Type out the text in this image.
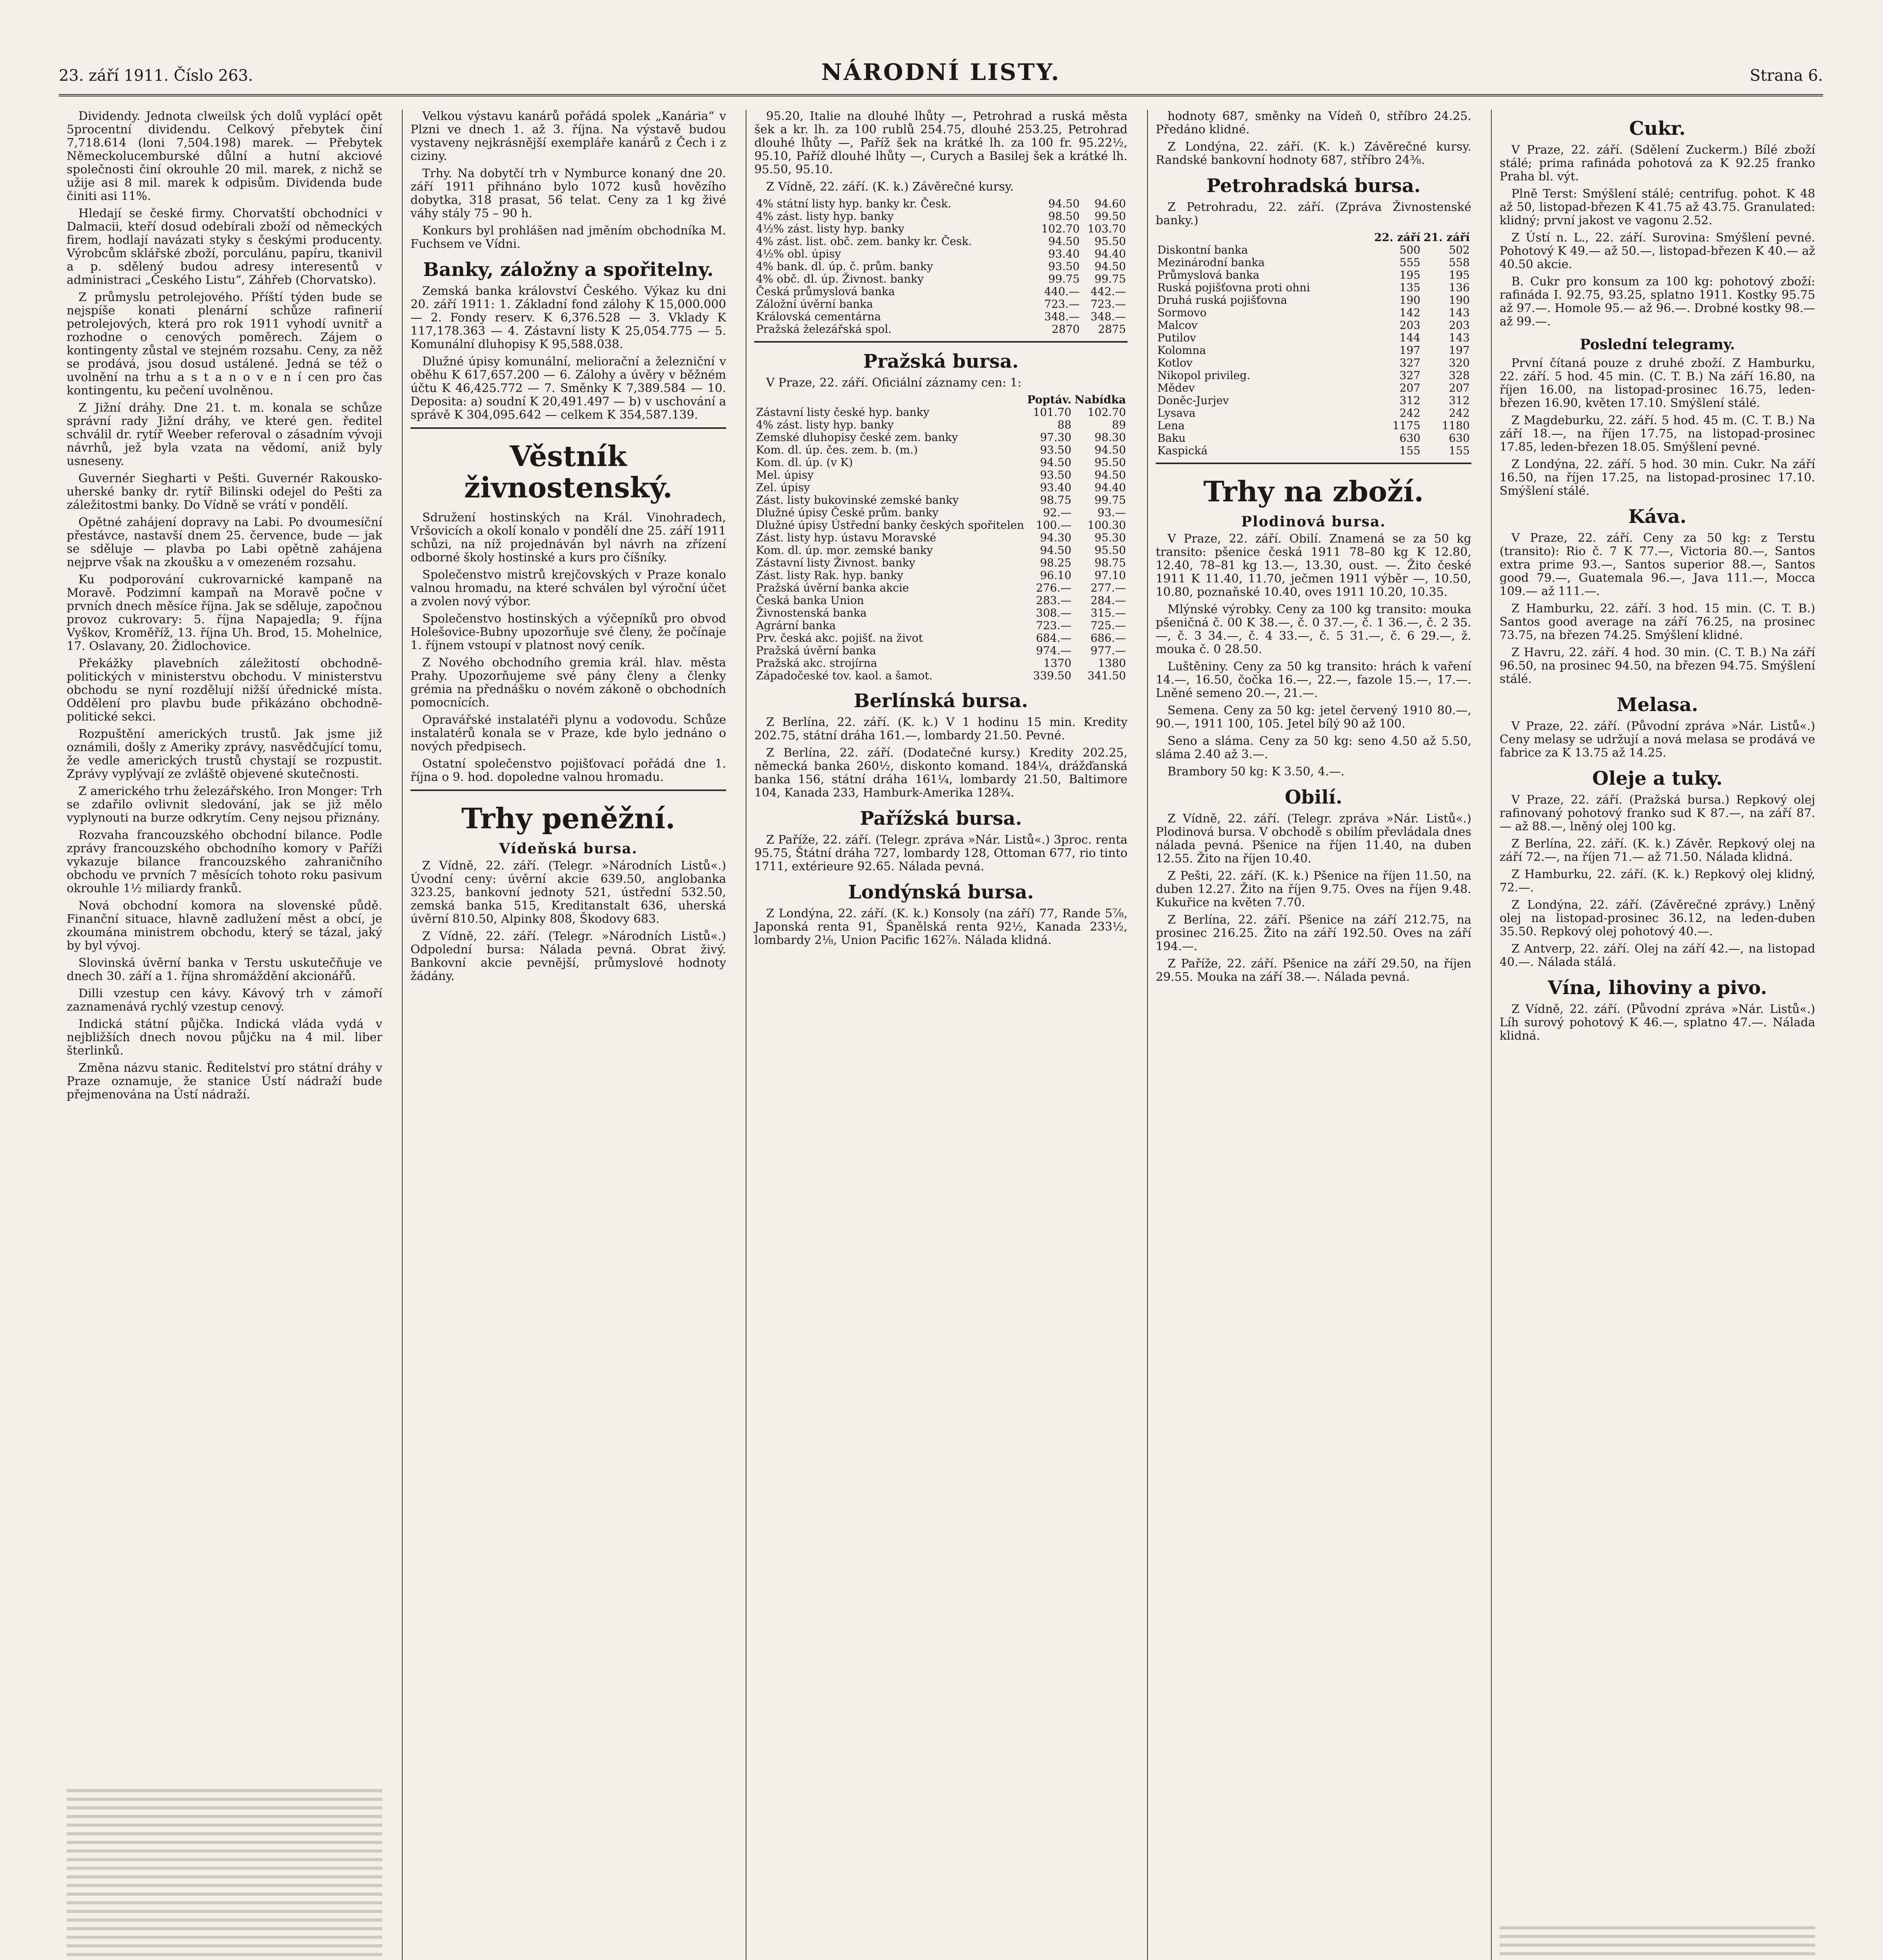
23. září 1911. Číslo 263.	NÁRODNÍ LISTY.	Strana 6.

Dividendy. Jednota clweilsk ých dolů vyplácí opět 5procentní dividendu. Celkový přebytek činí 7,718.614 (loni 7,504.198) marek. — Přebytek Německolucemburské důlní a hutní akciové společnosti činí okrouhle 20 mil. marek, z nichž se užije asi 8 mil. marek k odpisům. Dividenda bude činiti asi 11%.

Hledají se české firmy. Chorvatští obchodníci v Dalmacii, kteří dosud odebírali zboží od německých firem, hodlají navázati styky s českými producenty. Výrobcům sklářské zboží, porculánu, papíru, tkanivil a p. sdělený budou adresy interesentů v administraci „Českého Listu“, Záhřeb (Chorvatsko).

Z průmyslu petrolejového. Příští týden bude se nejspíše konati plenární schůze rafinerií petrolejových, která pro rok 1911 vyhodí uvnitř a rozhodne o cenových poměrech. Zájem o kontingenty zůstal ve stejném rozsahu. Ceny, za něž se prodává, jsou dosud ustálené. Jedná se též o uvolnění na trhu a s t a n o v e n í cen pro čas kontingentu, ku pečení uvolněnou.

Z Jižní dráhy. Dne 21. t. m. konala se schůze správní rady Jižní dráhy, ve které gen. ředitel schválil dr. rytíř Weeber referoval o zásadním vývoji návrhů, jež byla vzata na vědomí, aniž byly usneseny.

Guvernér Siegharti v Pešti. Guvernér Rakousko-uherské banky dr. rytíř Bilinski odejel do Pešti za záležitostmi banky. Do Vídně se vrátí v pondělí.

Opětné zahájení dopravy na Labi. Po dvoumesíční přestávce, nastavší dnem 25. července, bude — jak se sděluje — plavba po Labi opětně zahájena nejprve však na zkoušku a v omezeném rozsahu.

Ku podporování cukrovarnické kampaně na Moravě. Podzimní kampaň na Moravě počne v prvních dnech měsíce října. Jak se sděluje, započnou provoz cukrovary: 5. října Napajedla; 9. října Vyškov, Kroměříž, 13. října Uh. Brod, 15. Mohelnice, 17. Oslavany, 20. Židlochovice.

Překážky plavebních záležitostí obchodně-politických v ministerstvu obchodu. V ministerstvu obchodu se nyní rozdělují nižší úřednické místa. Oddělení pro plavbu bude přikázáno obchodně-politické sekci.

Rozpuštění amerických trustů. Jak jsme již oznámili, došly z Ameriky zprávy, nasvědčující tomu, že vedle amerických trustů chystají se rozpustit. Zprávy vyplývají ze zvláště objevené skutečnosti.

Z amerického trhu železářského. Iron Monger: Trh se zdařilo ovlivnit sledování, jak se již mělo vyplynouti na burze odkrytím. Ceny nejsou přiznány.

Rozvaha francouzského obchodní bilance. Podle zprávy francouzského obchodního komory v Paříži vykazuje bilance francouzského zahraničního obchodu ve prvních 7 měsících tohoto roku pasivum okrouhle 1½ miliardy franků.

Nová obchodní komora na slovenské půdě. Finanční situace, hlavně zadlužení měst a obcí, je zkoumána ministrem obchodu, který se tázal, jaký by byl vývoj.

Slovinská úvěrní banka v Terstu uskutečňuje ve dnech 30. září a 1. října shromáždění akcionářů.

Dilli vzestup cen kávy. Kávový trh v zámoří zaznamenává rychlý vzestup cenový.

Indická státní půjčka. Indická vláda vydá v nejbližších dnech novou půjčku na 4 mil. liber šterlinků.

Změna názvu stanic. Ředitelství pro státní dráhy v Praze oznamuje, že stanice Ústí nádraží bude přejmenována na Ústí nádraží.

Velkou výstavu kanárů pořádá spolek „Kanária“ v Plzni ve dnech 1. až 3. října. Na výstavě budou vystaveny nejkrásnější exempláře kanárů z Čech i z ciziny.

Trhy. Na dobytčí trh v Nymburce konaný dne 20. září 1911 přihnáno bylo 1072 kusů hovězího dobytka, 318 prasat, 56 telat. Ceny za 1 kg živé váhy stály 75 – 90 h.

Konkurs byl prohlášen nad jměním obchodníka M. Fuchsem ve Vídni.

Banky, záložny a spořitelny.

Zemská banka království Českého. Výkaz ku dni 20. září 1911: 1. Základní fond zálohy K 15,000.000 — 2. Fondy reserv. K 6,376.528 — 3. Vklady K 117,178.363 — 4. Zástavní listy K 25,054.775 — 5. Komunální dluhopisy K 95,588.038.

Dlužné úpisy komunální, meliorační a železniční v oběhu K 617,657.200 — 6. Zálohy a úvěry v běžném účtu K 46,425.772 — 7. Směnky K 7,389.584 — 10. Deposita: a) soudní K 20,491.497 — b) v uschování a správě K 304,095.642 — celkem K 354,587.139.

Věstník živnostenský.

Sdružení hostinských na Král. Vinohradech, Vršovicích a okolí konalo v pondělí dne 25. září 1911 schůzi, na níž projednáván byl návrh na zřízení odborné školy hostinské a kurs pro číšníky.

Společenstvo mistrů krejčovských v Praze konalo valnou hromadu, na které schválen byl výroční účet a zvolen nový výbor.

Společenstvo hostinských a výčepníků pro obvod Holešovice-Bubny upozorňuje své členy, že počínaje 1. říjnem vstoupí v platnost nový ceník.

Z Nového obchodního gremia král. hlav. města Prahy. Upozorňujeme své pány členy a členky grémia na přednášku o novém zákoně o obchodních pomocnících.

Opravářské instalatéři plynu a vodovodu. Schůze instalatérů konala se v Praze, kde bylo jednáno o nových předpisech.

Ostatní společenstvo pojišťovací pořádá dne 1. října o 9. hod. dopoledne valnou hromadu.

Trhy peněžní.
Vídeňská bursa.

Z Vídně, 22. září. (Telegr. »Národních Listů«.) Úvodní ceny: úvěrní akcie 639.50, anglobanka 323.25, bankovní jednoty 521, ústřední 532.50, zemská banka 515, Kreditanstalt 636, uherská úvěrní 810.50, Alpinky 808, Škodovy 683.

Z Vídně, 22. září. (Telegr. »Národních Listů«.) Odpolední bursa: Nálada pevná. Obrat živý. Bankovní akcie pevnější, průmyslové hodnoty žádány.

95.20, Italie na dlouhé lhůty —, Petrohrad a ruská města šek a kr. lh. za 100 rublů 254.75, dlouhé 253.25, Petrohrad dlouhé lhůty —, Paříž šek na krátké lh. za 100 fr. 95.22½, 95.10, Paříž dlouhé lhůty —, Curych a Basilej šek a krátké lh. 95.50, 95.10.

Z Vídně, 22. září. (K. k.) Závěrečné kursy.

4% státní listy hyp. banky kr. Česk.	94.50	94.60
4% zást. listy hyp. banky	98.50	99.50
4½% zást. listy hyp. banky	102.70	103.70
4% zást. list. obč. zem. banky kr. Česk.	94.50	95.50
4½% obl. úpisy	93.40	94.40
4% bank. dl. úp. č. prům. banky	93.50	94.50
4% obč. dl. úp. Živnost. banky	99.75	99.75
Česká průmyslová banka	440.—	442.—
Záložní úvěrní banka	723.—	723.—
Královská cementárna	348.—	348.—
Pražská železářská spol.	2870	2875
Pražská bursa.

V Praze, 22. září. Oficiální záznamy cen: 1:

	Poptáv.	Nabídka
Zástavní listy české hyp. banky	101.70	102.70
4% zást. listy hyp. banky	88	89
Zemské dluhopisy české zem. banky	97.30	98.30
Kom. dl. úp. čes. zem. b. (m.)	93.50	94.50
Kom. dl. úp. (v K)	94.50	95.50
Mel. úpisy	93.50	94.50
Zel. úpisy	93.40	94.40
Zást. listy bukovinské zemské banky	98.75	99.75
Dlužné úpisy České prům. banky	92.—	93.—
Dlužné úpisy Ústřední banky českých spořitelen	100.—	100.30
Zást. listy hyp. ústavu Moravské	94.30	95.30
Kom. dl. úp. mor. zemské banky	94.50	95.50
Zástavní listy Živnost. banky	98.25	98.75
Zást. listy Rak. hyp. banky	96.10	97.10
Pražská úvěrní banka akcie	276.—	277.—
Česká banka Union	283.—	284.—
Živnostenská banka	308.—	315.—
Agrární banka	723.—	725.—
Prv. česká akc. pojišť. na život	684.—	686.—
Pražská úvěrní banka	974.—	977.—
Pražská akc. strojírna	1370	1380
Západočeské tov. kaol. a šamot.	339.50	341.50
Berlínská bursa.

Z Berlína, 22. září. (K. k.) V 1 hodinu 15 min. Kredity 202.75, státní dráha 161.—, lombardy 21.50. Pevné.

Z Berlína, 22. září. (Dodatečné kursy.) Kredity 202.25, německá banka 260½, diskonto komand. 184¼, drážďanská banka 156, státní dráha 161¼, lombardy 21.50, Baltimore 104, Kanada 233, Hamburk-Amerika 128¾.

Pařížská bursa.

Z Paříže, 22. září. (Telegr. zpráva »Nár. Listů«.) 3proc. renta 95.75, Štátní dráha 727, lombardy 128, Ottoman 677, rio tinto 1711, extérieure 92.65. Nálada pevná.

Londýnská bursa.

Z Londýna, 22. září. (K. k.) Konsoly (na září) 77, Rande 5⅞, Japonská renta 91, Španělská renta 92½, Kanada 233½, lombardy 2⅛, Union Pacific 162⅞. Nálada klidná.

hodnoty 687, směnky na Vídeň 0, stříbro 24.25. Předáno klidné.

Z Londýna, 22. září. (K. k.) Závěrečné kursy. Randské bankovní hodnoty 687, stříbro 24⅜.

Petrohradská bursa.

Z Petrohradu, 22. září. (Zpráva Živnostenské banky.)

	22. září	21. září
Diskontní banka	500	502
Mezinárodní banka	555	558
Průmyslová banka	195	195
Ruská pojišťovna proti ohni	135	136
Druhá ruská pojišťovna	190	190
Sormovo	142	143
Malcov	203	203
Putilov	144	143
Kolomna	197	197
Kotlov	327	320
Nikopol privileg.	327	328
Mědev	207	207
Doněc-Jurjev	312	312
Lysava	242	242
Lena	1175	1180
Baku	630	630
Kaspická	155	155
Trhy na zboží.
Plodinová bursa.

V Praze, 22. září. Obilí. Znamená se za 50 kg transito: pšenice česká 1911 78–80 kg K 12.80, 12.40, 78–81 kg 13.—, 13.30, oust. —. Žito české 1911 K 11.40, 11.70, ječmen 1911 výběr —, 10.50, 10.80, poznaňské 10.40, oves 1911 10.20, 10.35.

Mlýnské výrobky. Ceny za 100 kg transito: mouka pšeničná č. 00 K 38.—, č. 0 37.—, č. 1 36.—, č. 2 35.—, č. 3 34.—, č. 4 33.—, č. 5 31.—, č. 6 29.—, ž. mouka č. 0 28.50.

Luštěniny. Ceny za 50 kg transito: hrách k vaření 14.—, 16.50, čočka 16.—, 22.—, fazole 15.—, 17.—. Lněné semeno 20.—, 21.—.

Semena. Ceny za 50 kg: jetel červený 1910 80.—, 90.—, 1911 100, 105. Jetel bílý 90 až 100.

Seno a sláma. Ceny za 50 kg: seno 4.50 až 5.50, sláma 2.40 až 3.—.

Brambory 50 kg: K 3.50, 4.—.

Obilí.

Z Vídně, 22. září. (Telegr. zpráva »Nár. Listů«.) Plodinová bursa. V obchodě s obilím převládala dnes nálada pevná. Pšenice na říjen 11.40, na duben 12.55. Žito na říjen 10.40.

Z Pešti, 22. září. (K. k.) Pšenice na říjen 11.50, na duben 12.27. Žito na říjen 9.75. Oves na říjen 9.48. Kukuřice na květen 7.70.

Z Berlína, 22. září. Pšenice na září 212.75, na prosinec 216.25. Žito na září 192.50. Oves na září 194.—.

Z Paříže, 22. září. Pšenice na září 29.50, na říjen 29.55. Mouka na září 38.—. Nálada pevná.

Cukr.

V Praze, 22. září. (Sdělení Zuckerm.) Bílé zboží stálé; prima rafináda pohotová za K 92.25 franko Praha bl. výt.

Plně Terst: Smýšlení stálé; centrifug. pohot. K 48 až 50, listopad-březen K 41.75 až 43.75. Granulated: klidný; první jakost ve vagonu 2.52.

Z Ústí n. L., 22. září. Surovina: Smýšlení pevné. Pohotový K 49.— až 50.—, listopad-březen K 40.— až 40.50 akcie.

B. Cukr pro konsum za 100 kg: pohotový zboží: rafináda I. 92.75, 93.25, splatno 1911. Kostky 95.75 až 97.—. Homole 95.— až 96.—. Drobné kostky 98.— až 99.—.

Poslední telegramy.

První čítaná pouze z druhé zboží. Z Hamburku, 22. září. 5 hod. 45 min. (C. T. B.) Na září 16.80, na říjen 16.00, na listopad-prosinec 16.75, leden-březen 16.90, květen 17.10. Smýšlení stálé.

Z Magdeburku, 22. září. 5 hod. 45 m. (C. T. B.) Na září 18.—, na říjen 17.75, na listopad-prosinec 17.85, leden-březen 18.05. Smýšlení pevné.

Z Londýna, 22. září. 5 hod. 30 min. Cukr. Na září 16.50, na říjen 17.25, na listopad-prosinec 17.10. Smýšlení stálé.

Káva.

V Praze, 22. září. Ceny za 50 kg: z Terstu (transito): Rio č. 7 K 77.—, Victoria 80.—, Santos extra prime 93.—, Santos superior 88.—, Santos good 79.—, Guatemala 96.—, Java 111.—, Mocca 109.— až 111.—.

Z Hamburku, 22. září. 3 hod. 15 min. (C. T. B.) Santos good average na září 76.25, na prosinec 73.75, na březen 74.25. Smýšlení klidné.

Z Havru, 22. září. 4 hod. 30 min. (C. T. B.) Na září 96.50, na prosinec 94.50, na březen 94.75. Smýšlení stálé.

Melasa.

V Praze, 22. září. (Původní zpráva »Nár. Listů«.) Ceny melasy se udržují a nová melasa se prodává ve fabrice za K 13.75 až 14.25.

Oleje a tuky.

V Praze, 22. září. (Pražská bursa.) Repkový olej rafinovaný pohotový franko sud K 87.—, na září 87.— až 88.—, lněný olej 100 kg.

Z Berlína, 22. září. (K. k.) Závěr. Repkový olej na září 72.—, na říjen 71.— až 71.50. Nálada klidná.

Z Hamburku, 22. září. (K. k.) Repkový olej klidný, 72.—.

Z Londýna, 22. září. (Závěrečné zprávy.) Lněný olej na listopad-prosinec 36.12, na leden-duben 35.50. Repkový olej pohotový 40.—.

Z Antverp, 22. září. Olej na září 42.—, na listopad 40.—. Nálada stálá.

Vína, lihoviny a pivo.

Z Vídně, 22. září. (Původní zpráva »Nár. Listů«.) Líh surový pohotový K 46.—, splatno 47.—. Nálada klidná.
